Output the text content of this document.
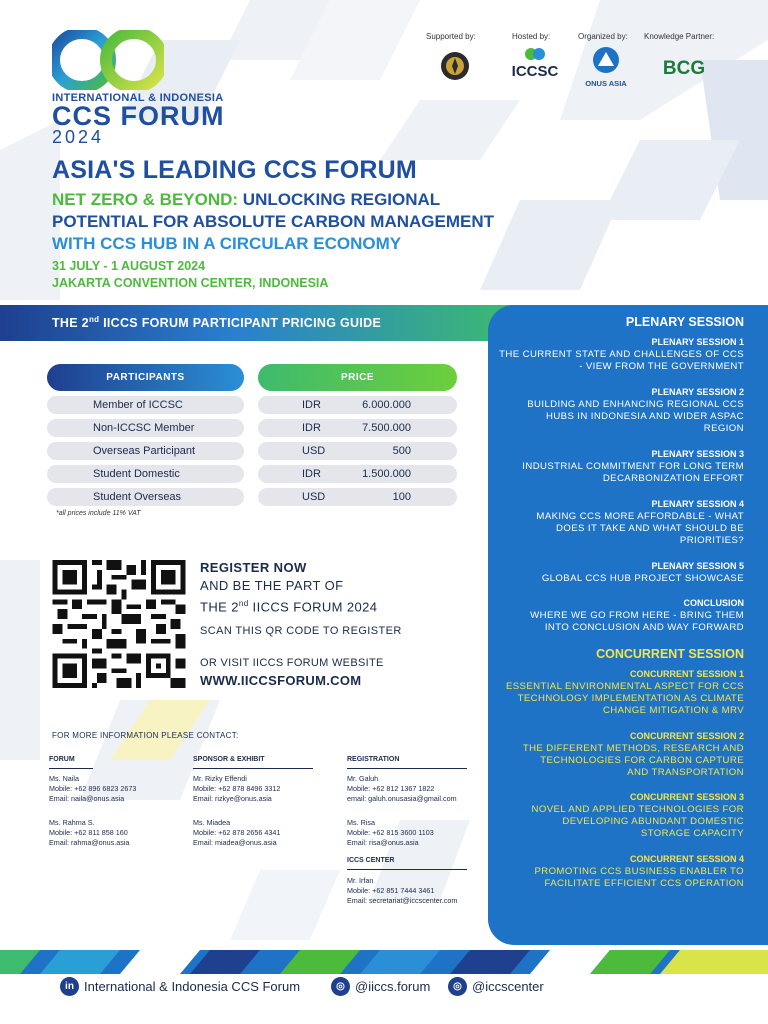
INTERNATIONAL & INDONESIA
CCS FORUM
2024
Supported by:	Hosted by:	Organized by: Knowledge Partner:
ICCSC
ONUS ASIA
BCG
ASIA'S LEADING CCS FORUM
NET ZERO & BEYOND: UNLOCKING REGIONAL
POTENTIAL FOR ABSOLUTE CARBON MANAGEMENT
WITH CCS HUB IN A CIRCULAR ECONOMY
31 JULY - 1 AUGUST 2024
JAKARTA CONVENTION CENTER, INDONESIA
THE 2nd IICCS FORUM PARTICIPANT PRICING GUIDE
PARTICIPANTS	PRICE
Member of ICCSC	IDR	6.000.000
Non-ICCSC Member	IDR	7.500.000
Overseas Participant	USD	500
Student Domestic	IDR	1.500.000
Student Overseas	USD	100
*all prices include 11% VAT
REGISTER NOW
AND BE THE PART OF
THE 2nd IICCS FORUM 2024
SCAN THIS QR CODE TO REGISTER
OR VISIT IICCS FORUM WEBSITE
WWW.IICCSFORUM.COM
FOR MORE INFORMATION PLEASE CONTACT:
FORUM
Ms. Naila
Mobile: +62 896 6823 2673
Email: naila@onus.asia
Ms. Rahma S.
Mobile: +62 811 858 160
Email: rahma@onus.asia
SPONSOR & EXHIBIT
Mr. Rizky Effendi
Mobile: +62 878 8496 3312
Email: rizkye@onus.asia
Ms. Miadea
Mobile: +62 878 2656 4341
Email: miadea@onus.asia
REGISTRATION
Mr. Galuh
Mobile: +62 812 1367 1822
email: galuh.onusasia@gmail.com
Ms. Risa
Mobile: +62 815 3600 1103
Email: risa@onus.asia
ICCS CENTER
Mr. Irfan
Mobile: +62 851 7444 3461
Email: secretariat@iccscenter.com
PLENARY SESSION
PLENARY SESSION 1
THE CURRENT STATE AND CHALLENGES OF CCS - VIEW FROM THE GOVERNMENT
PLENARY SESSION 2
BUILDING AND ENHANCING REGIONAL CCS HUBS IN INDONESIA AND WIDER ASPAC REGION
PLENARY SESSION 3
INDUSTRIAL COMMITMENT FOR LONG TERM DECARBONIZATION EFFORT
PLENARY SESSION 4
MAKING CCS MORE AFFORDABLE - WHAT DOES IT TAKE AND WHAT SHOULD BE PRIORITIES?
PLENARY SESSION 5
GLOBAL CCS HUB PROJECT SHOWCASE
CONCLUSION
WHERE WE GO FROM HERE - BRING THEM INTO CONCLUSION AND WAY FORWARD
CONCURRENT SESSION
CONCURRENT SESSION 1
ESSENTIAL ENVIRONMENTAL ASPECT FOR CCS TECHNOLOGY IMPLEMENTATION AS CLIMATE CHANGE MITIGATION & MRV
CONCURRENT SESSION 2
THE DIFFERENT METHODS, RESEARCH AND TECHNOLOGIES FOR CARBON CAPTURE AND TRANSPORTATION
CONCURRENT SESSION 3
NOVEL AND APPLIED TECHNOLOGIES FOR DEVELOPING ABUNDANT DOMESTIC STORAGE CAPACITY
CONCURRENT SESSION 4
PROMOTING CCS BUSINESS ENABLER TO FACILITATE EFFICIENT CCS OPERATION
in International & Indonesia CCS Forum	◎ @iiccs.forum	◎ @iccscenter
